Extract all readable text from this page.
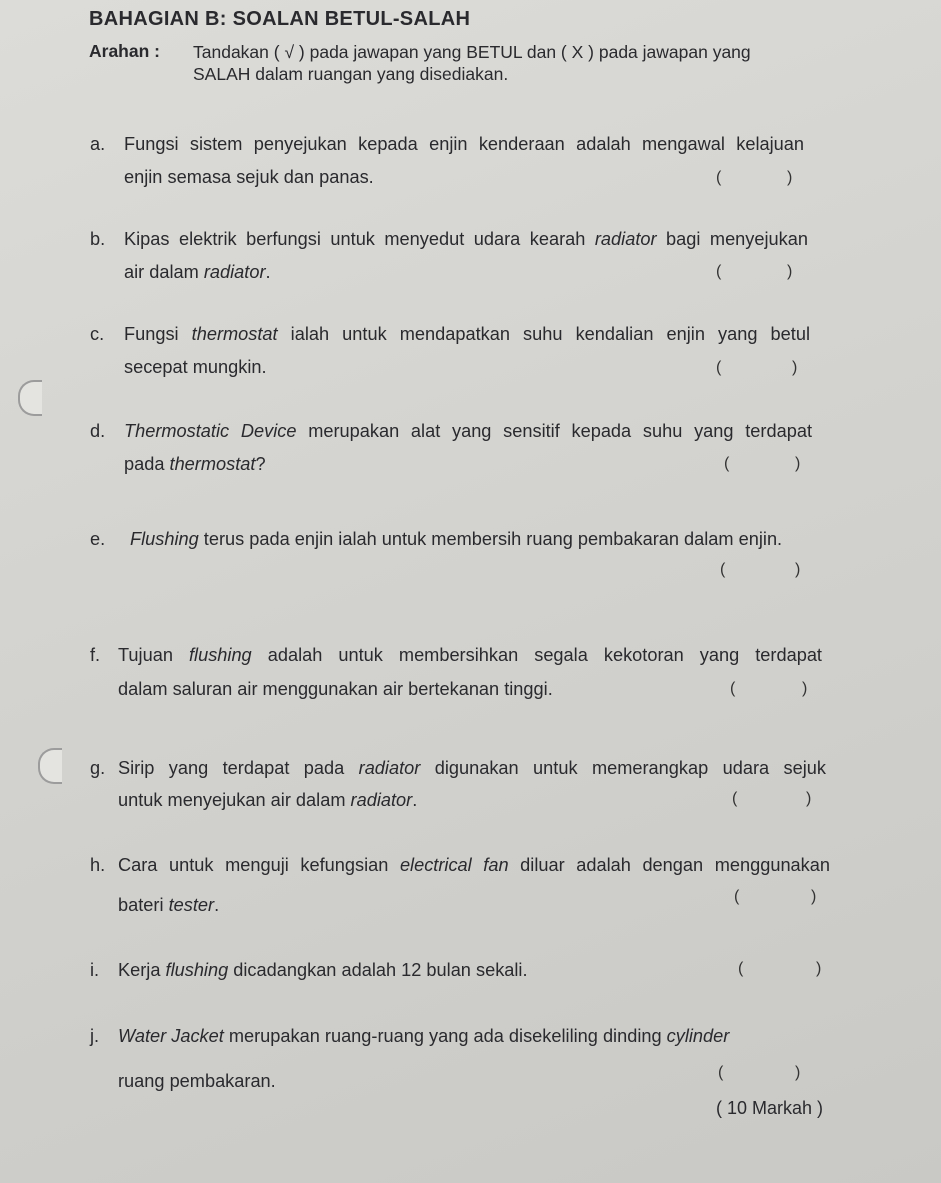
BAHAGIAN B: SOALAN BETUL-SALAH
Arahan : Tandakan ( √ ) pada jawapan yang BETUL dan ( X ) pada jawapan yang
SALAH dalam ruangan yang disediakan.
a. Fungsi sistem penyejukan kepada enjin kenderaan adalah mengawal kelajuan
enjin semasa sejuk dan panas.	(	)
b. Kipas elektrik berfungsi untuk menyedut udara kearah radiator bagi menyejukan
air dalam radiator.	(	)
c. Fungsi thermostat ialah untuk mendapatkan suhu kendalian enjin yang betul
secepat mungkin.	(	)
d. Thermostatic Device merupakan alat yang sensitif kepada suhu yang terdapat
pada thermostat?	(	)
e. Flushing terus pada enjin ialah untuk membersih ruang pembakaran dalam enjin.
(	)
f. Tujuan flushing adalah untuk membersihkan segala kekotoran yang terdapat
dalam saluran air menggunakan air bertekanan tinggi.	(	)
g. Sirip yang terdapat pada radiator digunakan untuk memerangkap udara sejuk
untuk menyejukan air dalam radiator.	(	)
h. Cara untuk menguji kefungsian electrical fan diluar adalah dengan menggunakan
bateri tester.	(	)
i. Kerja flushing dicadangkan adalah 12 bulan sekali.	(	)
j. Water Jacket merupakan ruang-ruang yang ada disekeliling dinding cylinder
ruang pembakaran.	(	)
( 10 Markah )
